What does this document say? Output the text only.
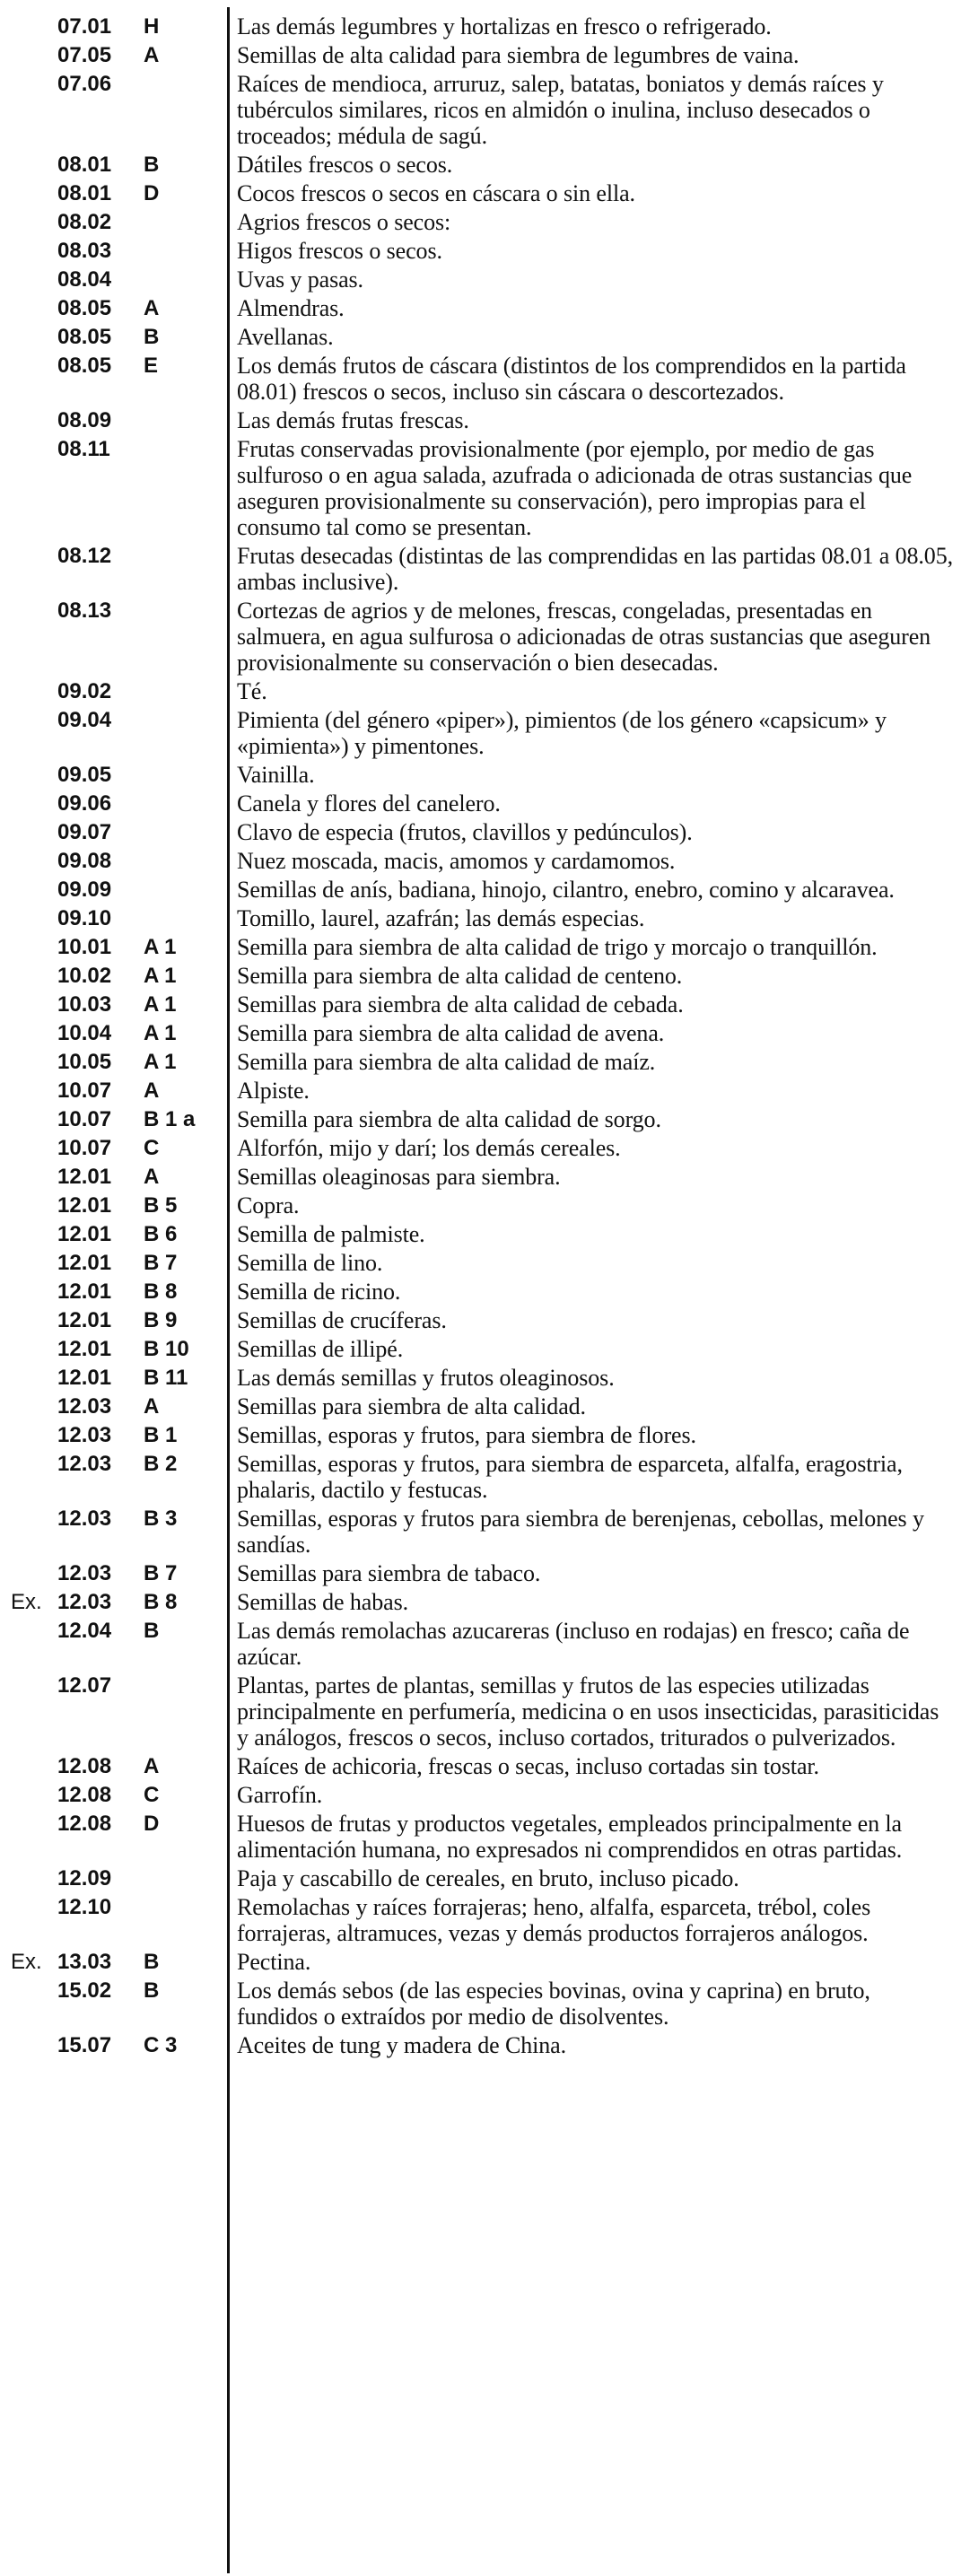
07.01 H	Las demás legumbres y hortalizas en fresco o refrigerado.
07.05 A	Semillas de alta calidad para siembra de legumbres de vaina.
07.06	Raíces de mendioca, arruruz, salep, batatas, boniatos y demás raíces y tubérculos similares, ricos en almidón o inulina, incluso desecados o troceados; médula de sagú.
08.01 B	Dátiles frescos o secos.
08.01 D	Cocos frescos o secos en cáscara o sin ella.
08.02	Agrios frescos o secos:
08.03	Higos frescos o secos.
08.04	Uvas y pasas.
08.05 A	Almendras.
08.05 B	Avellanas.
08.05 E	Los demás frutos de cáscara (distintos de los comprendidos en la partida 08.01) frescos o secos, incluso sin cáscara o descortezados.
08.09	Las demás frutas frescas.
08.11	Frutas conservadas provisionalmente (por ejemplo, por medio de gas sulfuroso o en agua salada, azufrada o adicionada de otras sustancias que aseguren provisionalmente su conservación), pero impropias para el consumo tal como se presentan.
08.12	Frutas desecadas (distintas de las comprendidas en las partidas 08.01 a 08.05, ambas inclusive).
08.13	Cortezas de agrios y de melones, frescas, congeladas, presentadas en salmuera, en agua sulfurosa o adicionadas de otras sustancias que aseguren provisionalmente su conservación o bien desecadas.
09.02	Té.
09.04	Pimienta (del género «piper»), pimientos (de los género «capsicum» y «pimienta») y pimentones.
09.05	Vainilla.
09.06	Canela y flores del canelero.
09.07	Clavo de especia (frutos, clavillos y pedúnculos).
09.08	Nuez moscada, macis, amomos y cardamomos.
09.09	Semillas de anís, badiana, hinojo, cilantro, enebro, comino y alcaravea.
09.10	Tomillo, laurel, azafrán; las demás especias.
10.01 A 1	Semilla para siembra de alta calidad de trigo y morcajo o tranquillón.
10.02 A 1	Semilla para siembra de alta calidad de centeno.
10.03 A 1	Semillas para siembra de alta calidad de cebada.
10.04 A 1	Semilla para siembra de alta calidad de avena.
10.05 A 1	Semilla para siembra de alta calidad de maíz.
10.07 A	Alpiste.
10.07 B 1 a	Semilla para siembra de alta calidad de sorgo.
10.07 C	Alforfón, mijo y darí; los demás cereales.
12.01 A	Semillas oleaginosas para siembra.
12.01 B 5	Copra.
12.01 B 6	Semilla de palmiste.
12.01 B 7	Semilla de lino.
12.01 B 8	Semilla de ricino.
12.01 B 9	Semillas de crucíferas.
12.01 B 10	Semillas de illipé.
12.01 B 11	Las demás semillas y frutos oleaginosos.
12.03 A	Semillas para siembra de alta calidad.
12.03 B 1	Semillas, esporas y frutos, para siembra de flores.
12.03 B 2	Semillas, esporas y frutos, para siembra de esparceta, alfalfa, eragostria, phalaris, dactilo y festucas.
12.03 B 3	Semillas, esporas y frutos para siembra de berenjenas, cebollas, melones y sandías.
12.03 B 7	Semillas para siembra de tabaco.
Ex. 12.03 B 8	Semillas de habas.
12.04 B	Las demás remolachas azucareras (incluso en rodajas) en fresco; caña de azúcar.
12.07	Plantas, partes de plantas, semillas y frutos de las especies utilizadas principalmente en perfumería, medicina o en usos insecticidas, parasiticidas y análogos, frescos o secos, incluso cortados, triturados o pulverizados.
12.08 A	Raíces de achicoria, frescas o secas, incluso cortadas sin tostar.
12.08 C	Garrofín.
12.08 D	Huesos de frutas y productos vegetales, empleados principalmente en la alimentación humana, no expresados ni comprendidos en otras partidas.
12.09	Paja y cascabillo de cereales, en bruto, incluso picado.
12.10	Remolachas y raíces forrajeras; heno, alfalfa, esparceta, trébol, coles forrajeras, altramuces, vezas y demás productos forrajeros análogos.
Ex. 13.03 B	Pectina.
15.02 B	Los demás sebos (de las especies bovinas, ovina y caprina) en bruto, fundidos o extraídos por medio de disolventes.
15.07 C 3	Aceites de tung y madera de China.
